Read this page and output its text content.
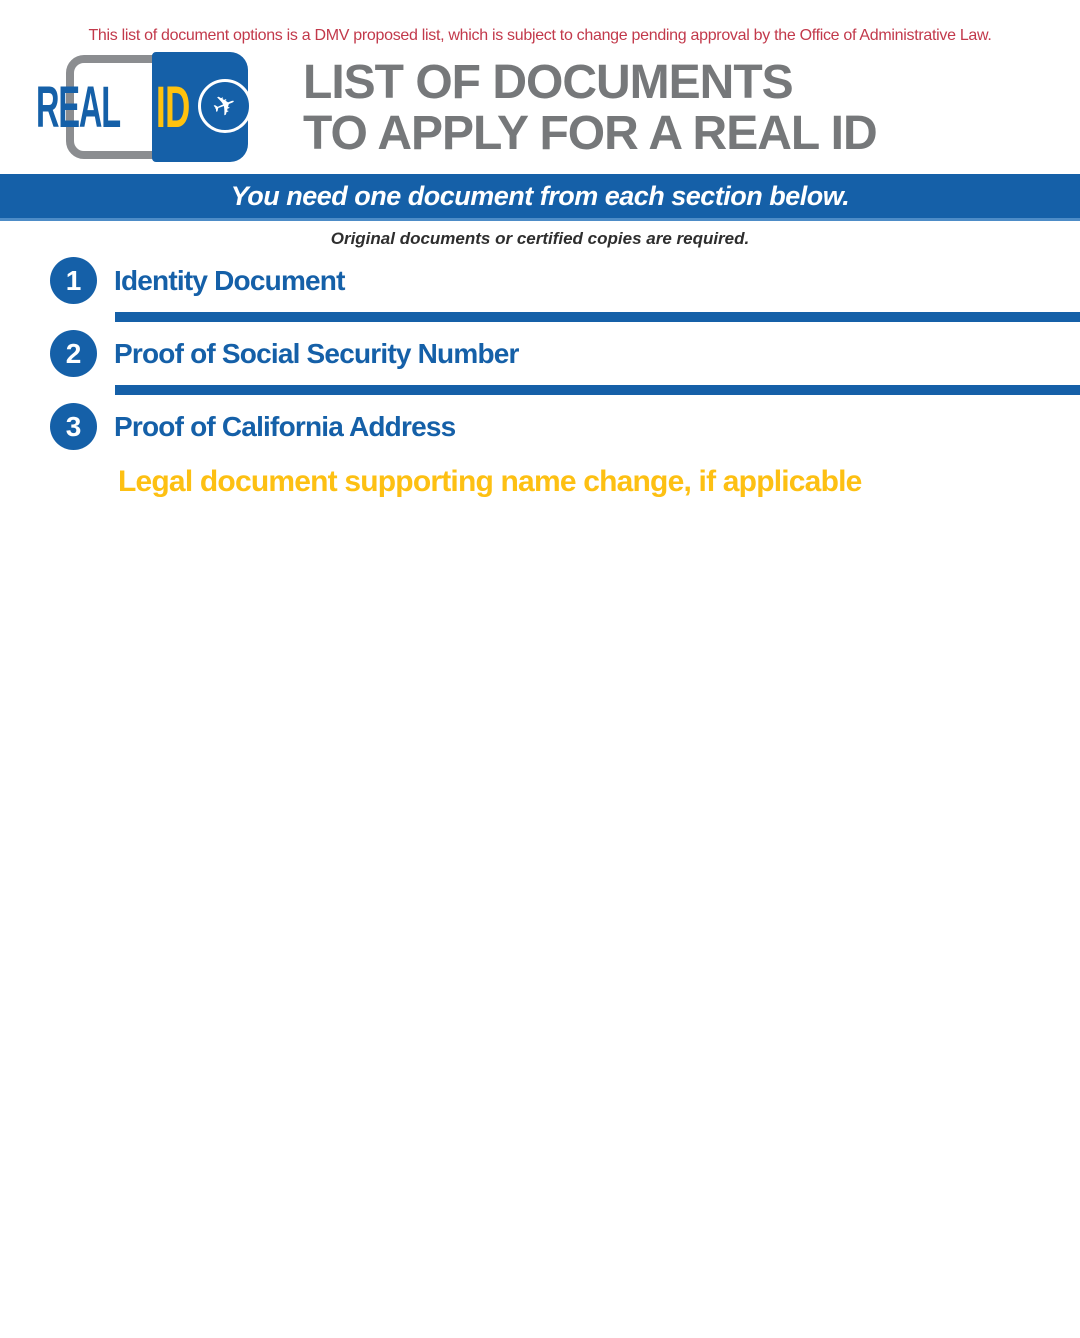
This list of document options is a DMV proposed list, which is subject to change pending approval by the Office of Administrative Law.
REAL ID ✈ LIST OF DOCUMENTS
TO APPLY FOR A REAL ID
You need one document from each section below.
Original documents or certified copies are required.
1	Identity Document
2	Proof of Social Security Number
3	Proof of California Address
Legal document supporting name change, if applicable
